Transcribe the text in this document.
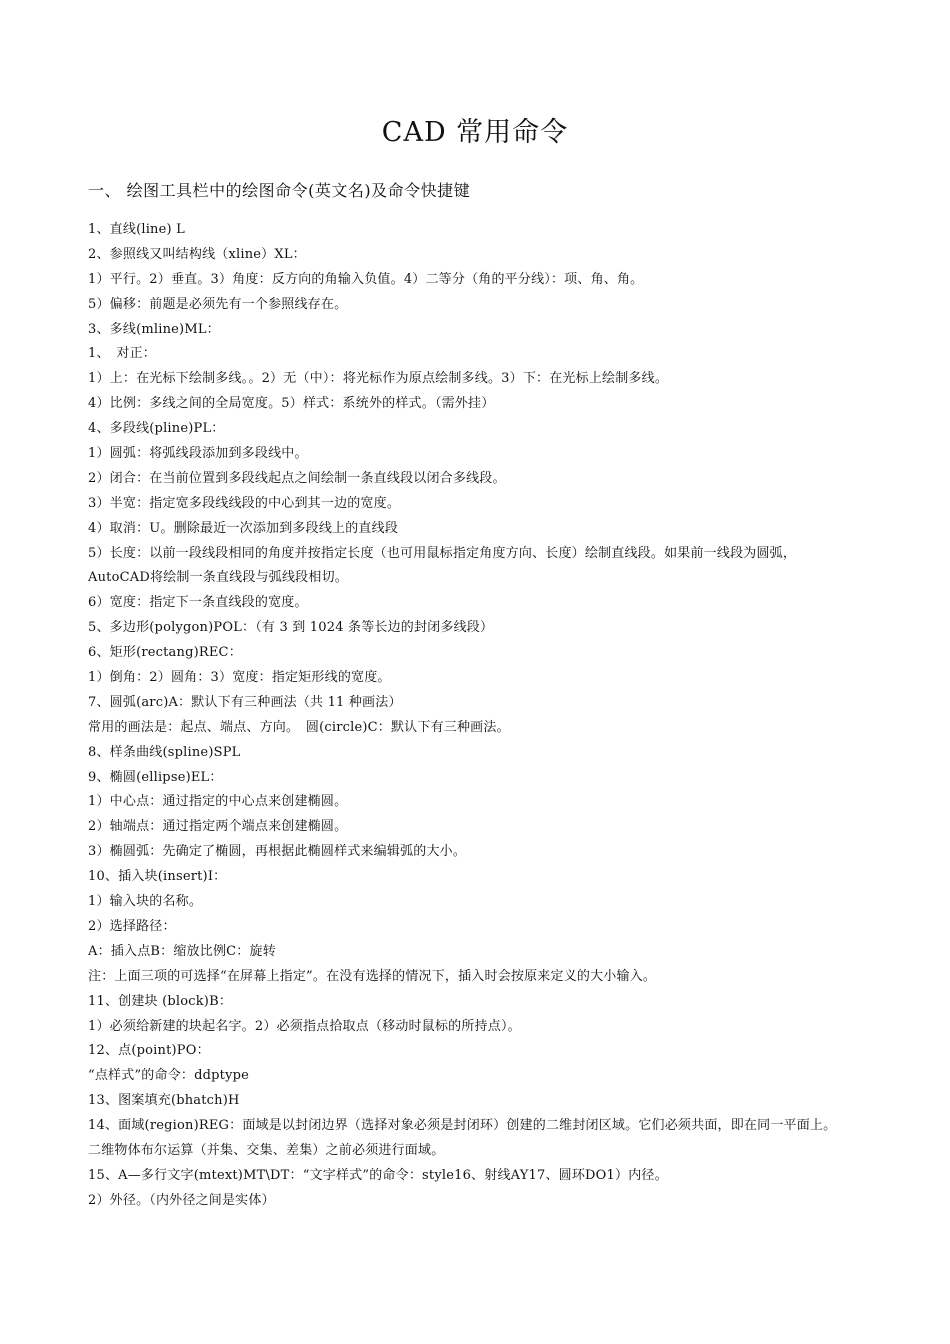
CAD 常用命令
一、 绘图工具栏中的绘图命令(英文名)及命令快捷键
1、直线(line) L
2、参照线又叫结构线（xline）XL：
1）平行。2）垂直。3）角度：反方向的角输入负值。4）二等分（角的平分线）：项、角、角。
5）偏移：前题是必须先有一个参照线存在。
3、多线(mline)ML：
1、　对正：
1）上：在光标下绘制多线。。2）无（中）：将光标作为原点绘制多线。3）下：在光标上绘制多线。
4）比例：多线之间的全局宽度。5）样式：系统外的样式。（需外挂）
4、多段线(pline)PL：
1）圆弧：将弧线段添加到多段线中。
2）闭合：在当前位置到多段线起点之间绘制一条直线段以闭合多线段。
3）半宽：指定宽多段线线段的中心到其一边的宽度。
4）取消：U。删除最近一次添加到多段线上的直线段
5）长度：以前一段线段相同的角度并按指定长度（也可用鼠标指定角度方向、长度）绘制直线段。如果前一线段为圆弧，
AutoCAD将绘制一条直线段与弧线段相切。
6）宽度：指定下一条直线段的宽度。
5、多边形(polygon)POL：（有 3 到 1024 条等长边的封闭多线段）
6、矩形(rectang)REC：
1）倒角：2）圆角：3）宽度：指定矩形线的宽度。
7、圆弧(arc)A：默认下有三种画法（共 11 种画法）
常用的画法是：起点、端点、方向。　圆(circle)C：默认下有三种画法。
8、样条曲线(spline)SPL
9、椭圆(ellipse)EL：
1）中心点：通过指定的中心点来创建椭圆。
2）轴端点：通过指定两个端点来创建椭圆。
3）椭圆弧：先确定了椭圆，再根据此椭圆样式来编辑弧的大小。
10、插入块(insert)I：
1）输入块的名称。
2）选择路径：
A：插入点B：缩放比例C：旋转
注：上面三项的可选择“在屏幕上指定”。在没有选择的情况下，插入时会按原来定义的大小输入。
11、创建块 (block)B：
1）必须给新建的块起名字。2）必须指点拾取点（移动时鼠标的所持点）。
12、点(point)PO：
“点样式”的命令：ddptype
13、图案填充(bhatch)H
14、面域(region)REG：面域是以封闭边界（选择对象必须是封闭环）创建的二维封闭区域。它们必须共面，即在同一平面上。
二维物体布尔运算（并集、交集、差集）之前必须进行面域。
15、A—多行文字(mtext)MT\DT：“文字样式”的命令：style16、射线AY17、圆环DO1）内径。
2）外径。（内外径之间是实体）
